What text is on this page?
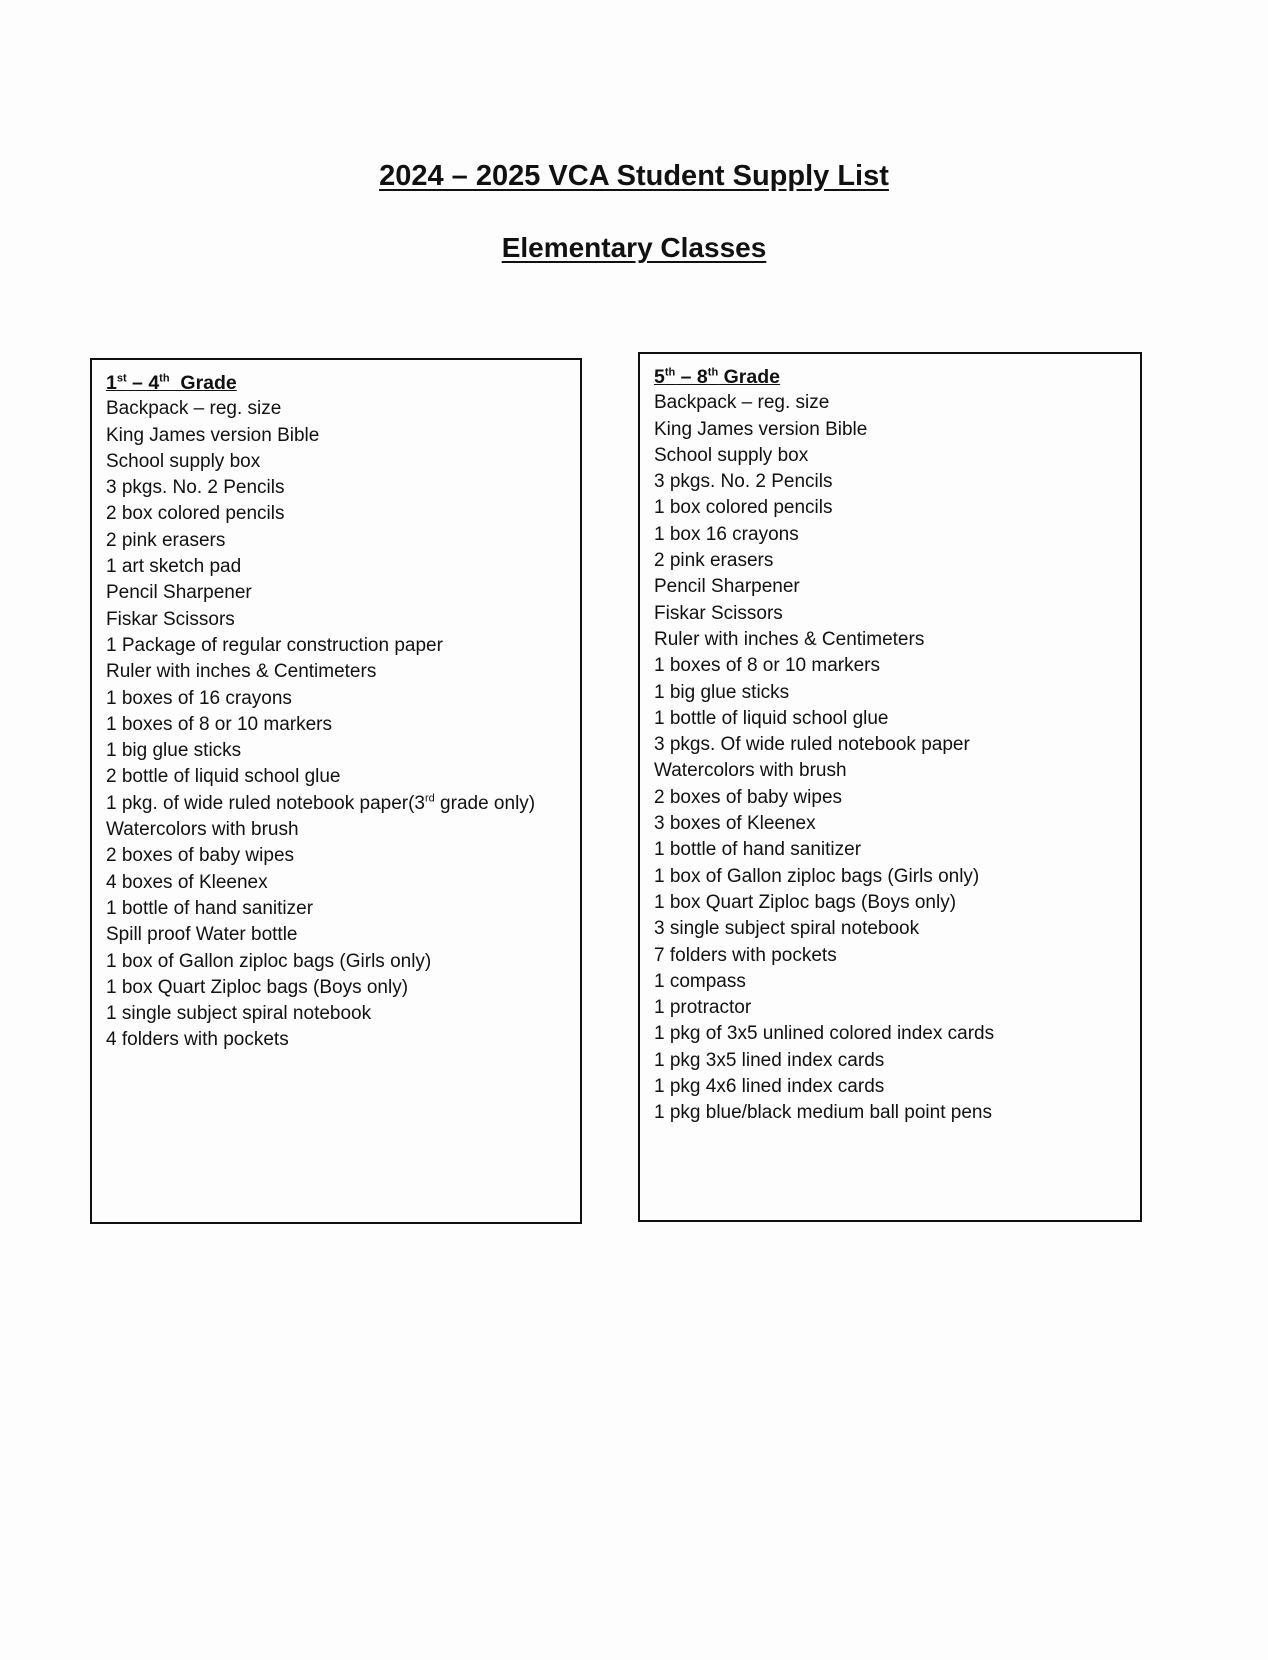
2024 – 2025 VCA Student Supply List
Elementary Classes
1st – 4th  Grade
Backpack – reg. size
King James version Bible
School supply box
3 pkgs. No. 2 Pencils
2 box colored pencils
2 pink erasers
1 art sketch pad
Pencil Sharpener
Fiskar Scissors
1 Package of regular construction paper
Ruler with inches & Centimeters
1 boxes of 16 crayons
1 boxes of 8 or 10 markers
1 big glue sticks
2 bottle of liquid school glue
1 pkg. of wide ruled notebook paper(3rd grade only)
Watercolors with brush
2 boxes of baby wipes
4 boxes of Kleenex
1 bottle of hand sanitizer
Spill proof Water bottle
1 box of Gallon ziploc bags (Girls only)
1 box Quart Ziploc bags (Boys only)
1 single subject spiral notebook
4 folders with pockets
5th – 8th Grade
Backpack – reg. size
King James version Bible
School supply box
3 pkgs. No. 2 Pencils
1 box colored pencils
1 box 16 crayons
2 pink erasers
Pencil Sharpener
Fiskar Scissors
Ruler with inches & Centimeters
1 boxes of 8 or 10 markers
1 big glue sticks
1 bottle of liquid school glue
3 pkgs. Of wide ruled notebook paper
Watercolors with brush
2 boxes of baby wipes
3 boxes of Kleenex
1 bottle of hand sanitizer
1 box of Gallon ziploc bags (Girls only)
1 box Quart Ziploc bags (Boys only)
3 single subject spiral notebook
7 folders with pockets
1 compass
1 protractor
1 pkg of 3x5 unlined colored index cards
1 pkg 3x5 lined index cards
1 pkg 4x6 lined index cards
1 pkg blue/black medium ball point pens
